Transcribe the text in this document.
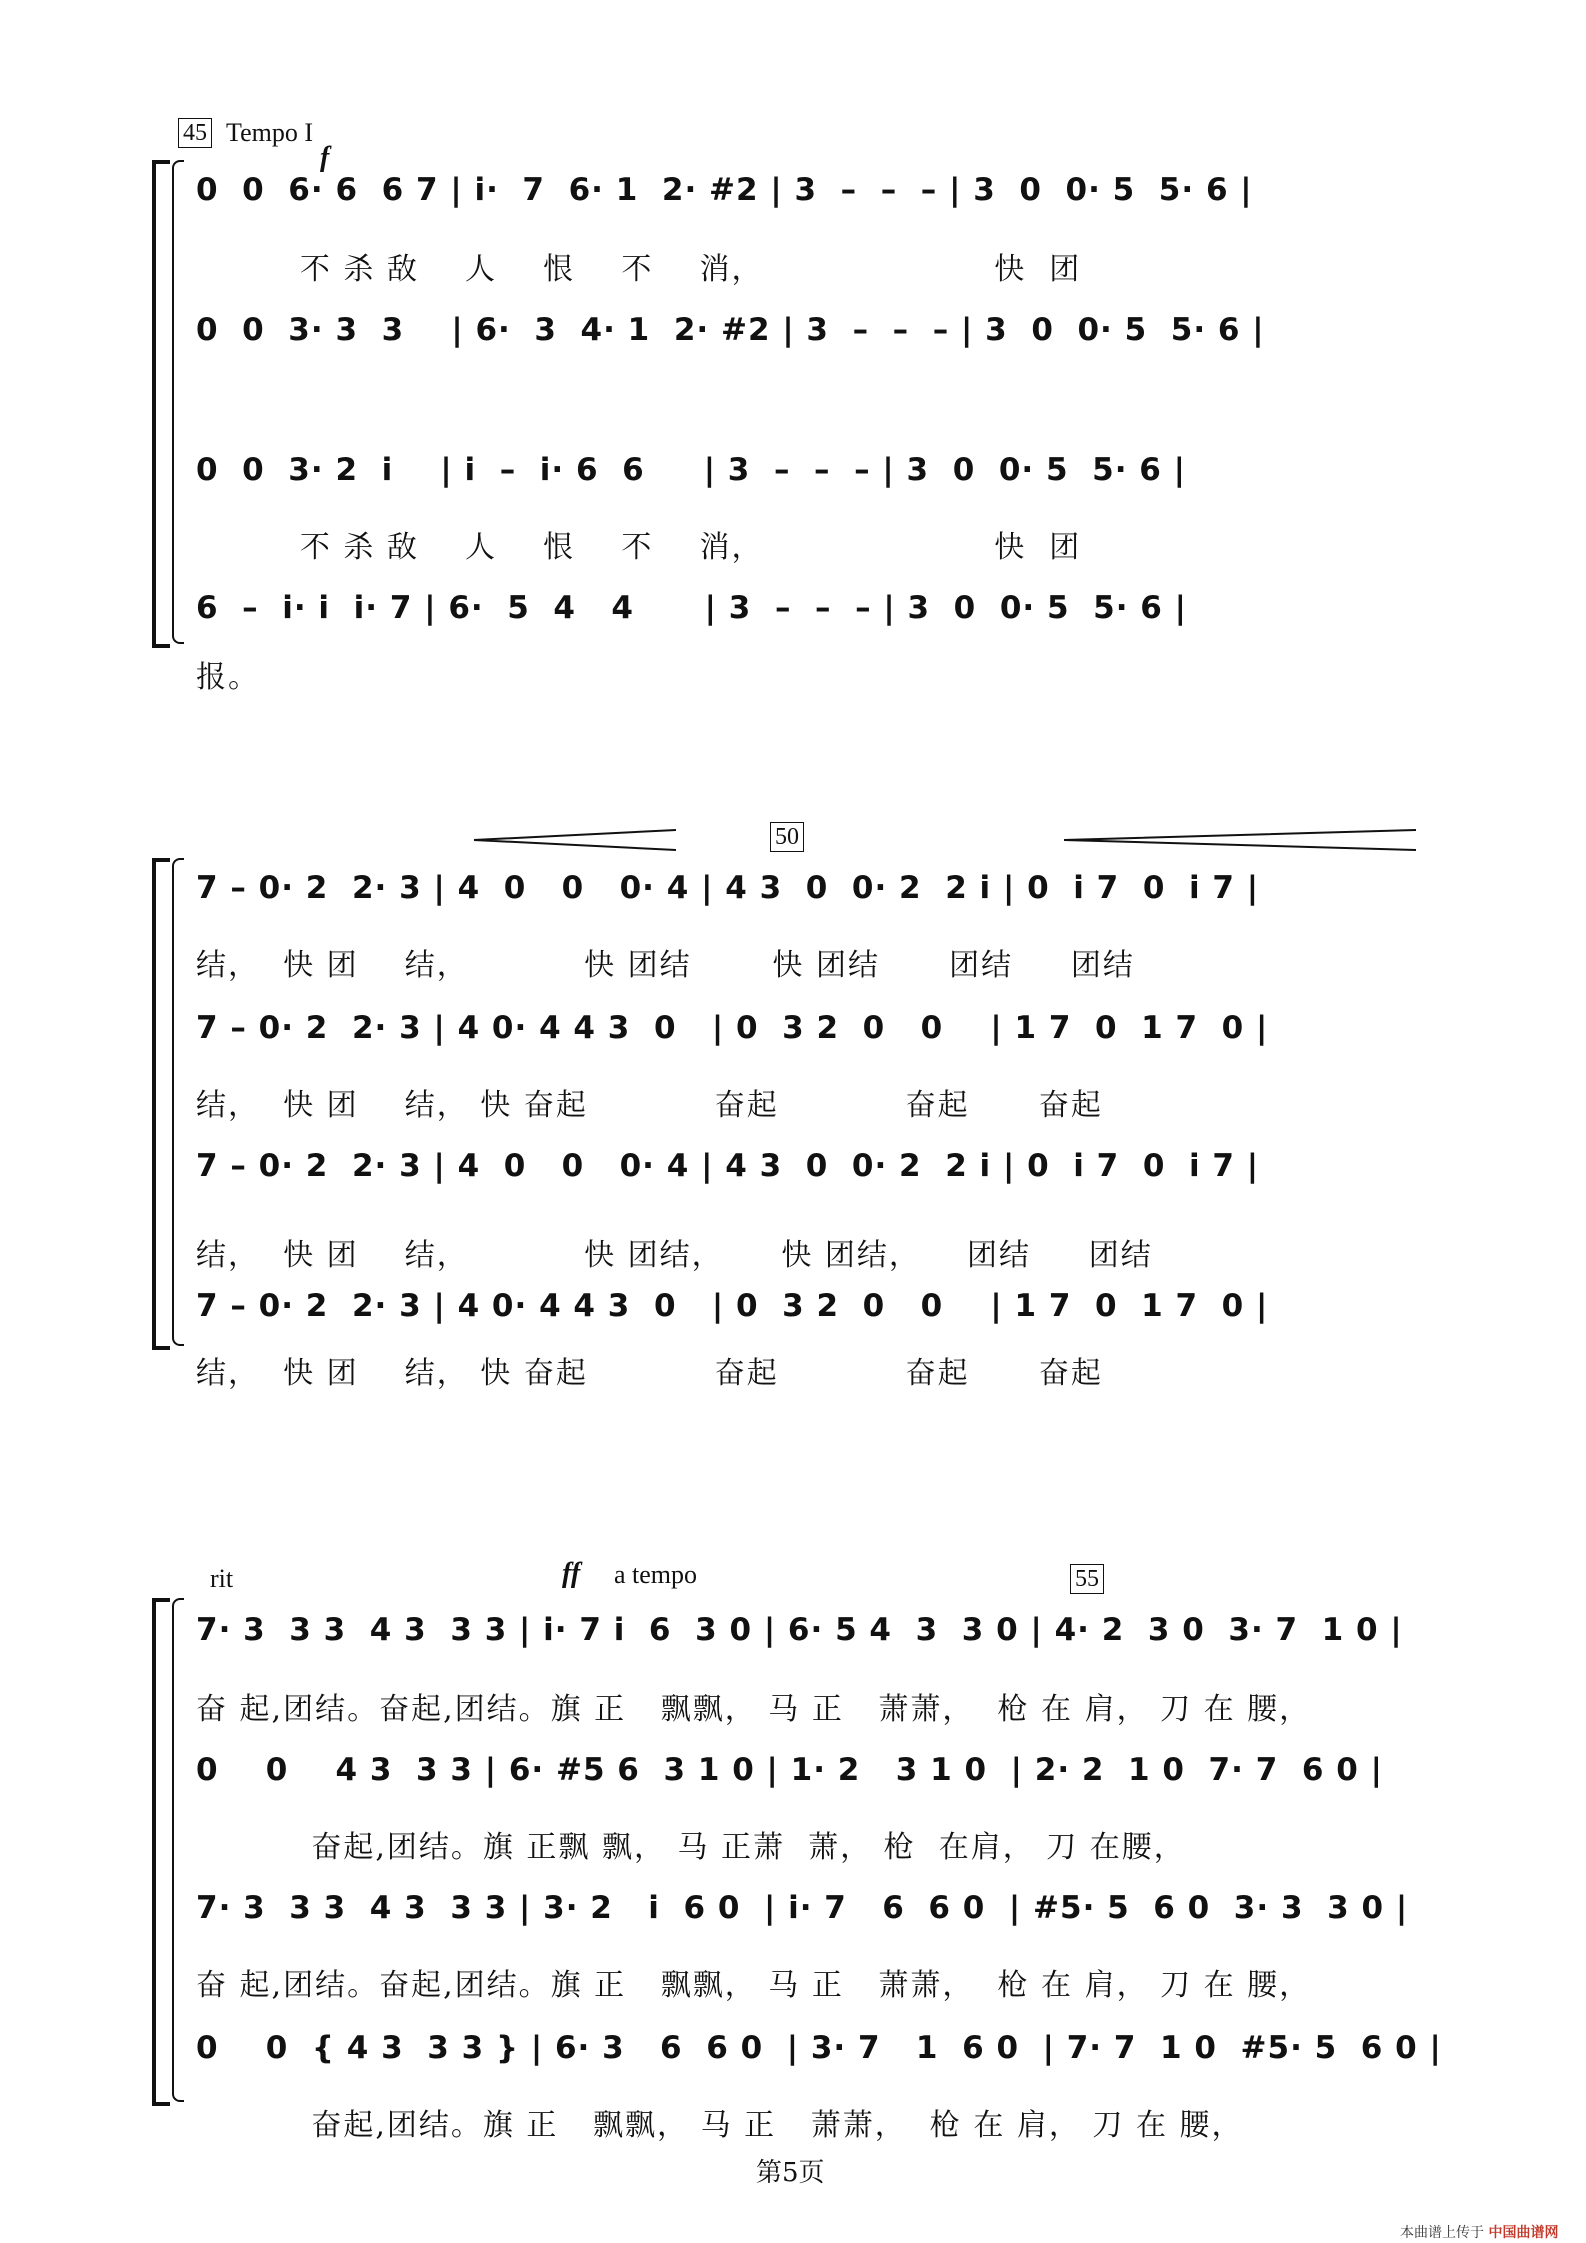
45 Tempo I
f
0  0  6· 6  6 7 | i·  7  6· 1  2· #2 | 3  –  –  – | 3  0  0· 5  5· 6 |
不 杀 敌    人    恨    不    消，                    快  团
0  0  3· 3  3    | 6·  3  4· 1  2· #2 | 3  –  –  – | 3  0  0· 5  5· 6 |
0  0  3· 2  i    | i  –  i· 6  6     | 3  –  –  – | 3  0  0· 5  5· 6 |
不 杀 敌    人    恨    不    消，                    快  团
6  –  i· i  i· 7 | 6·  5  4   4      | 3  –  –  – | 3  0  0· 5  5· 6 |
报。
50
7 – 0· 2  2· 3 | 4  0   0   0· 4 | 4 3  0  0· 2  2 i | 0  i 7  0  i 7 |
结，  快 团    结，          快 团结       快 团结      团结     团结
7 – 0· 2  2· 3 | 4 0· 4 4 3  0   | 0  3 2  0   0    | 1 7  0  1 7  0 |
结，  快 团    结， 快 奋起           奋起           奋起      奋起
7 – 0· 2  2· 3 | 4  0   0   0· 4 | 4 3  0  0· 2  2 i | 0  i 7  0  i 7 |
结，  快 团    结，          快 团结，     快 团结，    团结     团结
7 – 0· 2  2· 3 | 4 0· 4 4 3  0   | 0  3 2  0   0    | 1 7  0  1 7  0 |
结，  快 团    结， 快 奋起           奋起           奋起      奋起
rit	ff a tempo	55
7· 3  3 3  4 3  3 3 | i· 7 i  6  3 0 | 6· 5 4  3  3 0 | 4· 2  3 0  3· 7  1 0 |
奋 起,团结。奋起,团结。旗 正   飘飘， 马 正   萧萧，  枪 在 肩， 刀 在 腰，
0    0    4 3  3 3 | 6· #5 6  3 1 0 | 1· 2   3 1 0  | 2· 2  1 0  7· 7  6 0 |
奋起,团结。旗 正飘 飘， 马 正萧  萧， 枪  在肩， 刀 在腰，
7· 3  3 3  4 3  3 3 | 3· 2   i  6 0  | i· 7   6  6 0  | #5· 5  6 0  3· 3  3 0 |
奋 起,团结。奋起,团结。旗 正   飘飘， 马 正   萧萧，  枪 在 肩， 刀 在 腰，
0    0  { 4 3  3 3 } | 6· 3   6  6 0  | 3· 7   1  6 0  | 7· 7  1 0  #5· 5  6 0 |
奋起,团结。旗 正   飘飘， 马 正   萧萧，  枪 在 肩， 刀 在 腰，
第5页
本曲谱上传于 中国曲谱网
